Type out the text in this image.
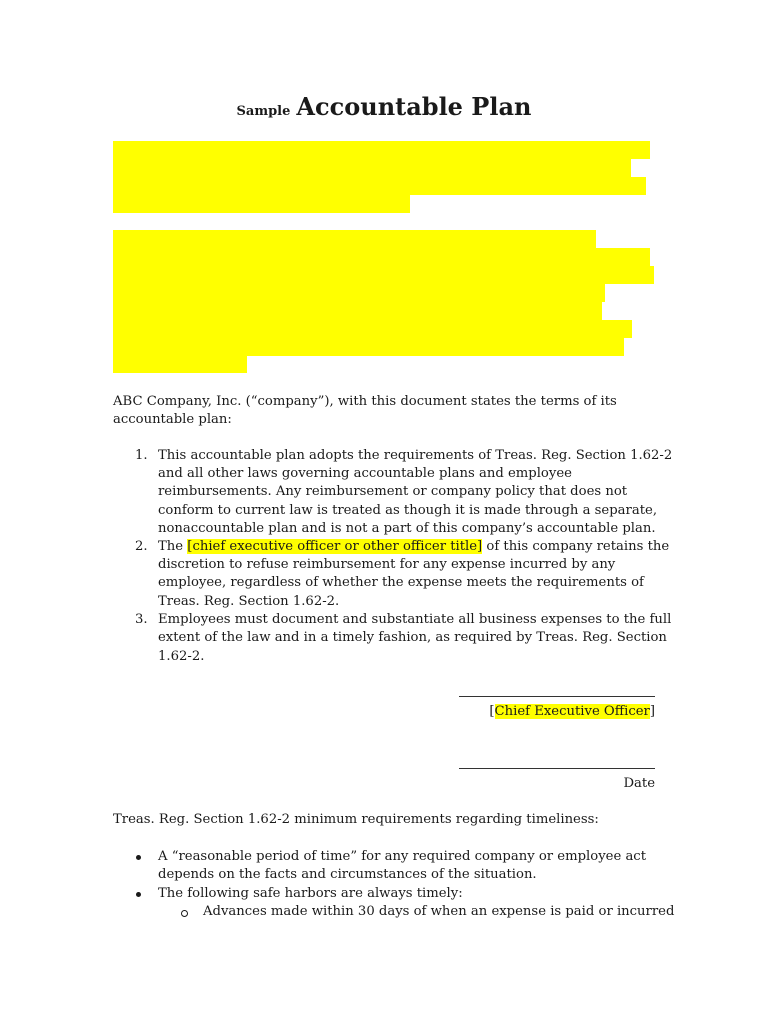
Sample Accountable Plan
ABC Company, Inc. (“company”), with this document states the terms of its
accountable plan:
1. This accountable plan adopts the requirements of Treas. Reg. Section 1.62-2
and all other laws governing accountable plans and employee
reimbursements. Any reimbursement or company policy that does not
conform to current law is treated as though it is made through a separate,
nonaccountable plan and is not a part of this company’s accountable plan.
2. The [chief executive officer or other officer title] of this company retains the
discretion to refuse reimbursement for any expense incurred by any
employee, regardless of whether the expense meets the requirements of
Treas. Reg. Section 1.62-2.
3. Employees must document and substantiate all business expenses to the full
extent of the law and in a timely fashion, as required by Treas. Reg. Section
1.62-2.
[Chief Executive Officer]
Date
Treas. Reg. Section 1.62-2 minimum requirements regarding timeliness:
A “reasonable period of time” for any required company or employee act
depends on the facts and circumstances of the situation.
The following safe harbors are always timely:
Advances made within 30 days of when an expense is paid or incurred
